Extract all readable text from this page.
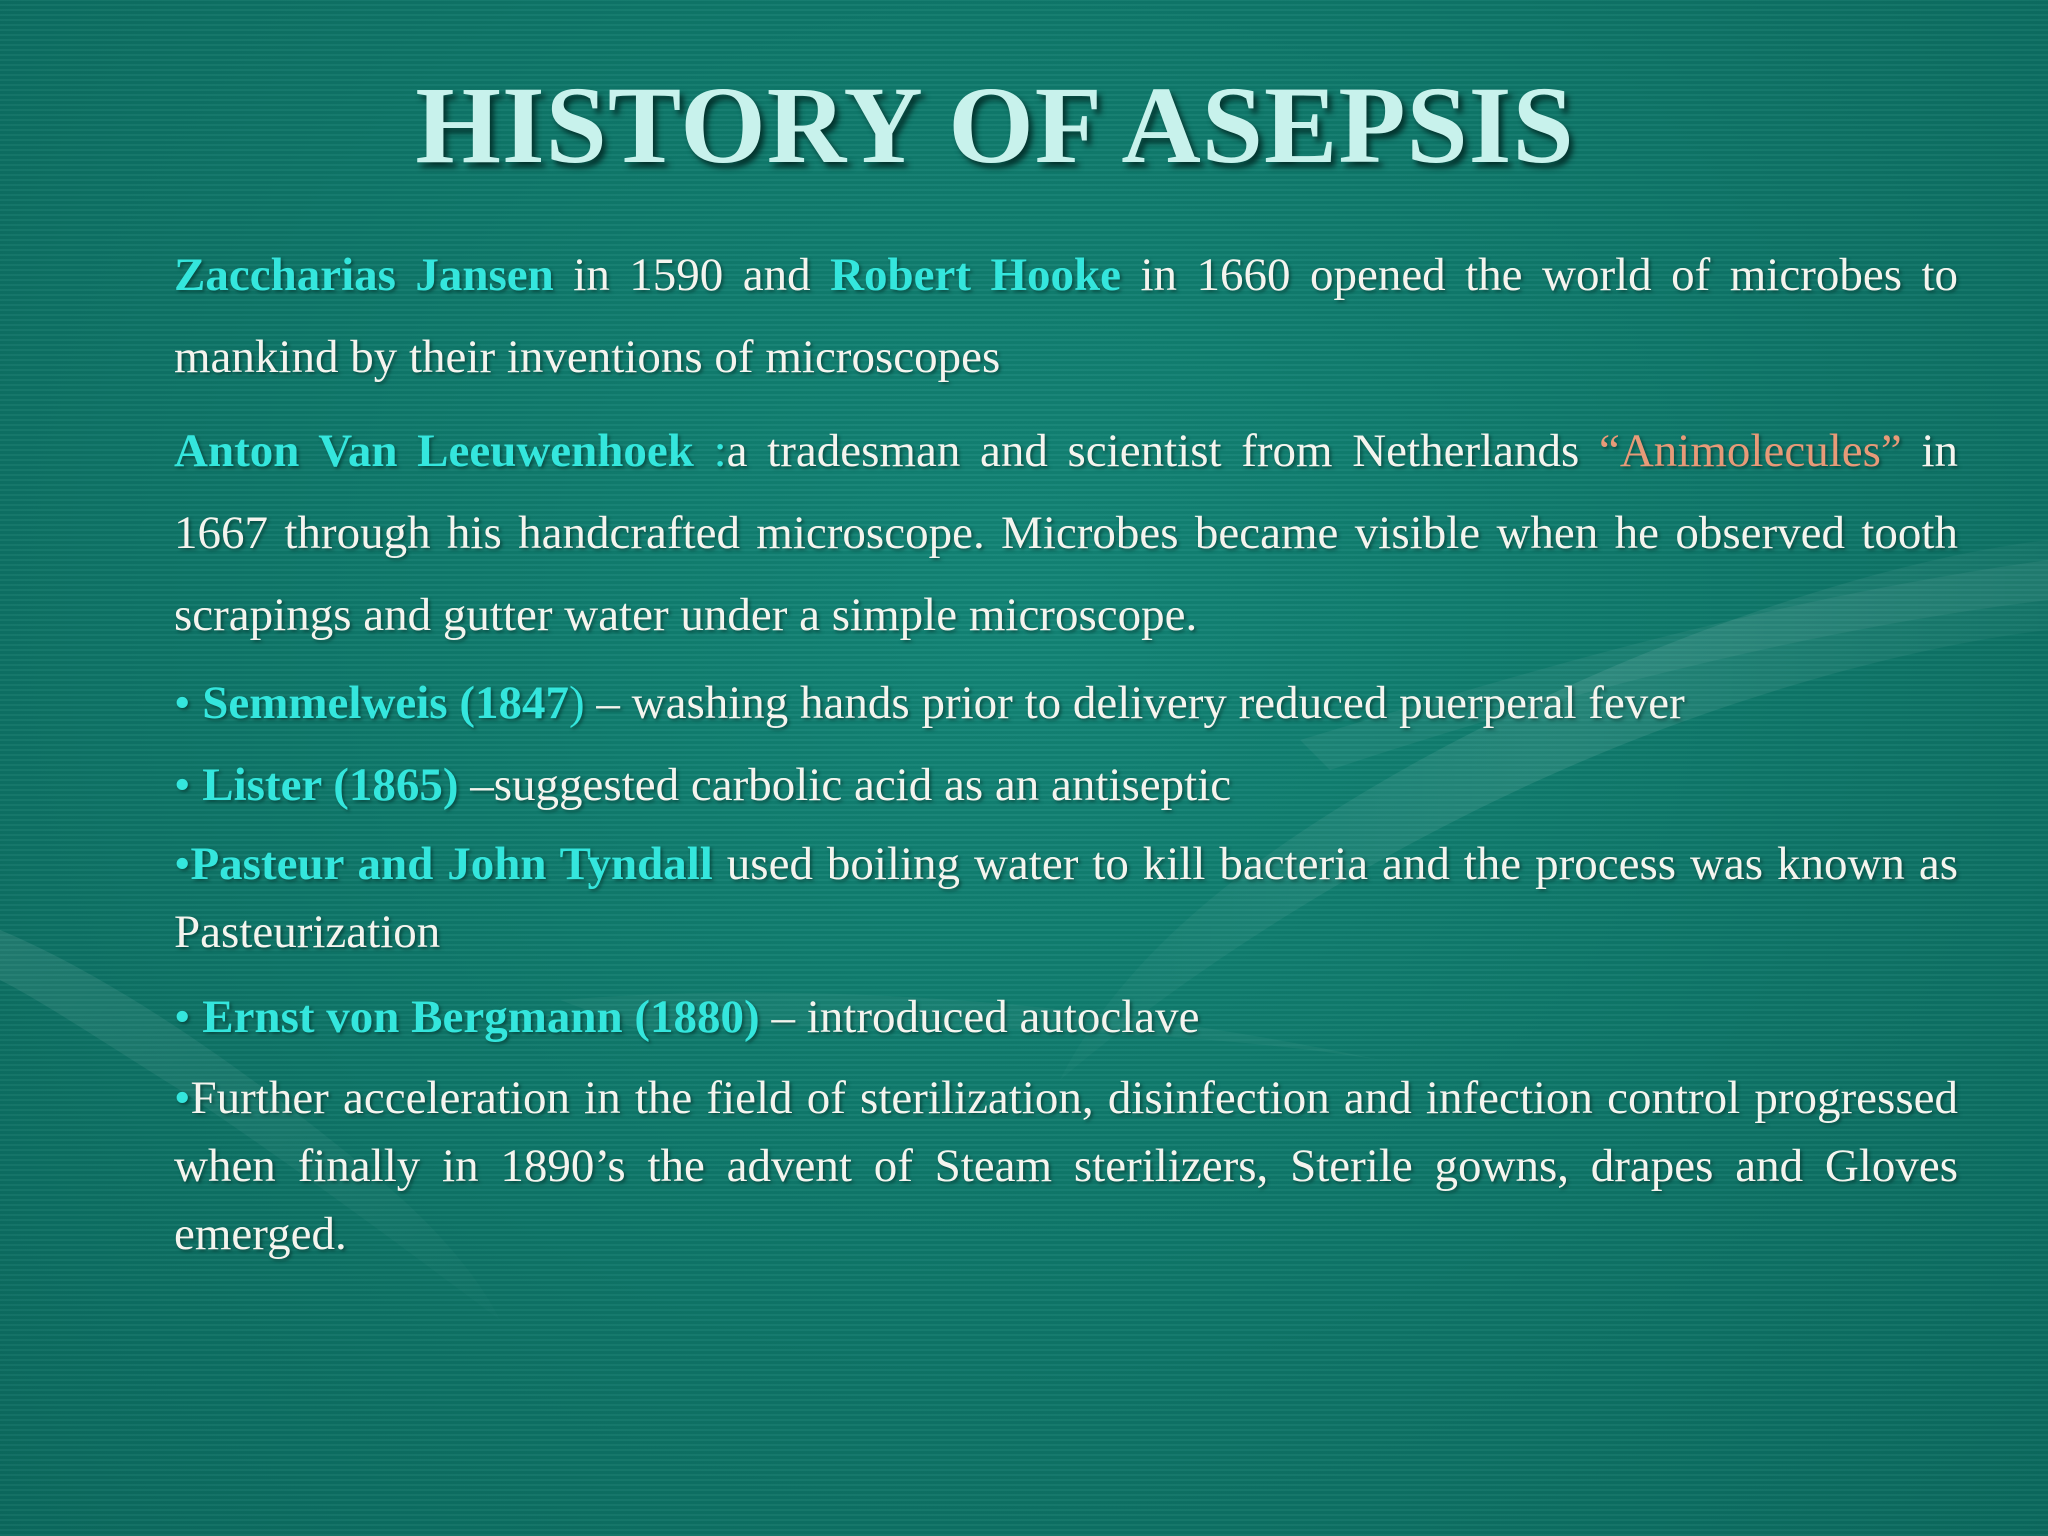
HISTORY OF ASEPSIS

Zaccharias Jansen in 1590 and Robert Hooke in 1660 opened the world of microbes to mankind by their inventions of microscopes

Anton Van Leeuwenhoek :a tradesman and scientist from Netherlands “Animolecules” in 1667 through his handcrafted microscope. Microbes became visible when he observed tooth scrapings and gutter water under a simple microscope.

• Semmelweis (1847) – washing hands prior to delivery reduced puerperal fever

• Lister (1865) –suggested carbolic acid as an antiseptic

•Pasteur and John Tyndall used boiling water to kill bacteria and the process was known as Pasteurization

• Ernst von Bergmann (1880) – introduced autoclave

•Further acceleration in the field of sterilization, disinfection and infection control progressed when finally in 1890’s the advent of Steam sterilizers, Sterile gowns, drapes and Gloves emerged.
